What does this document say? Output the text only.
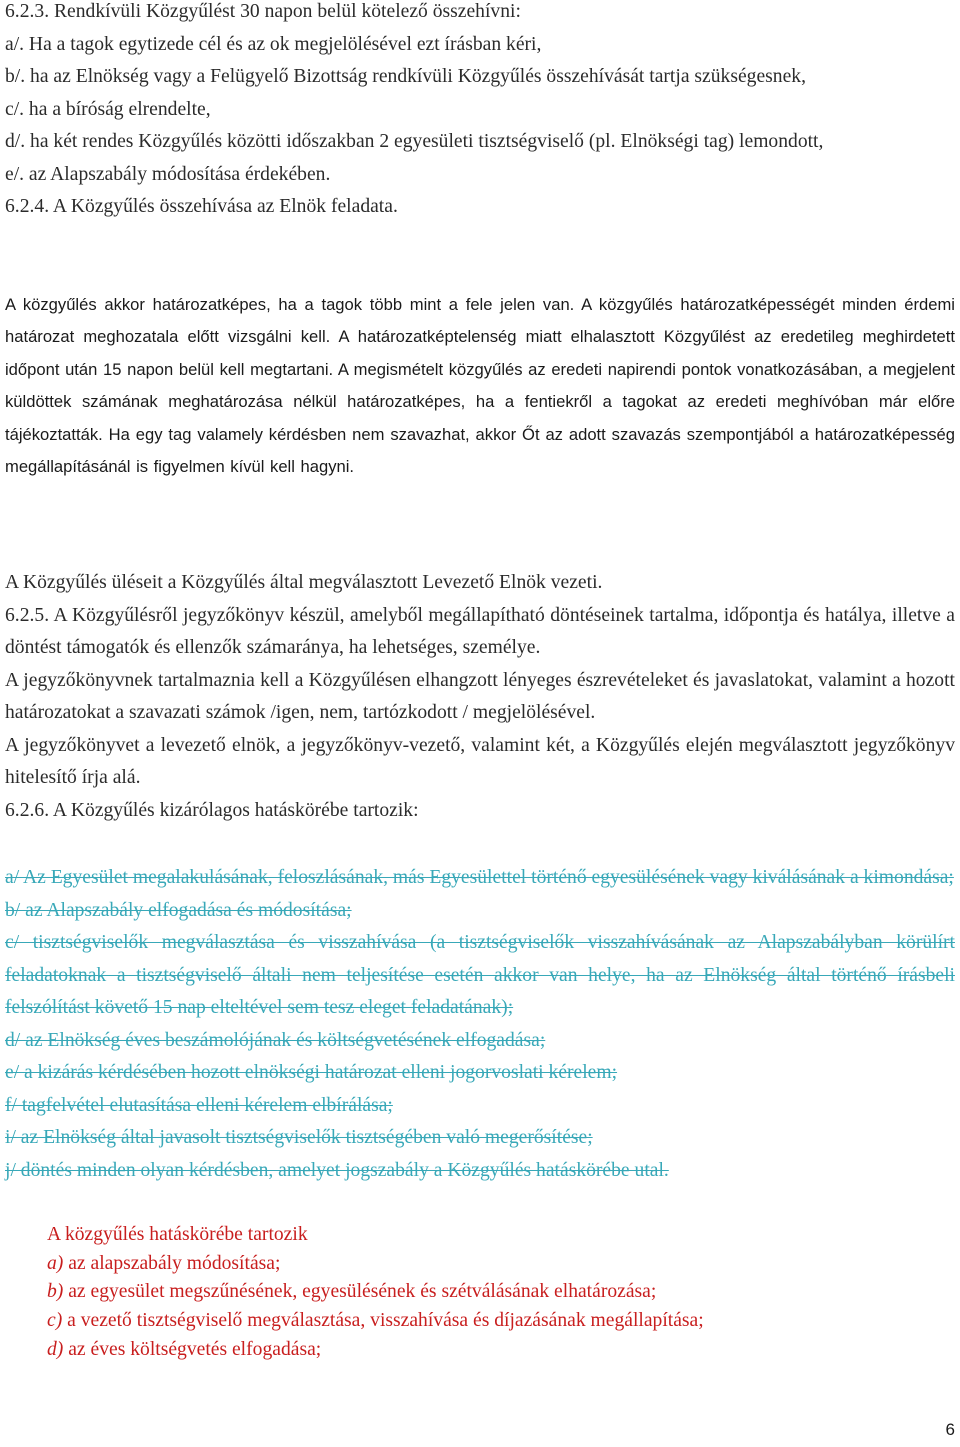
6.2.3. Rendkívüli Közgyűlést 30 napon belül kötelező összehívni:

a/. Ha a tagok egytizede cél és az ok megjelölésével ezt írásban kéri,

b/. ha az Elnökség vagy a Felügyelő Bizottság rendkívüli Közgyűlés összehívását tartja szükségesnek,

c/. ha a bíróság elrendelte,

d/. ha két rendes Közgyűlés közötti időszakban 2 egyesületi tisztségviselő (pl. Elnökségi tag) lemondott,

e/. az Alapszabály módosítása érdekében.

6.2.4. A Közgyűlés összehívása az Elnök feladata.

A közgyűlés akkor határozatképes, ha a tagok több mint a fele jelen van. A közgyűlés határozatképességét minden érdemi határozat meghozatala előtt vizsgálni kell. A határozatképtelenség miatt elhalasztott Közgyűlést az eredetileg meghirdetett időpont után 15 napon belül kell megtartani. A megismételt közgyűlés az eredeti napirendi pontok vonatkozásában, a megjelent küldöttek számának meghatározása nélkül határozatképes, ha a fentiekről a tagokat az eredeti meghívóban már előre tájékoztatták. Ha egy tag valamely kérdésben nem szavazhat, akkor Őt az adott szavazás szempontjából a határozatképesség megállapításánál is figyelmen kívül kell hagyni.

A Közgyűlés üléseit a Közgyűlés által megválasztott Levezető Elnök vezeti.

6.2.5. A Közgyűlésről jegyzőkönyv készül, amelyből megállapítható döntéseinek tartalma, időpontja és hatálya, illetve a döntést támogatók és ellenzők számaránya, ha lehetséges, személye.

A jegyzőkönyvnek tartalmaznia kell a Közgyűlésen elhangzott lényeges észrevételeket és javaslatokat, valamint a hozott határozatokat a szavazati számok /igen, nem, tartózkodott / megjelölésével.

A jegyzőkönyvet a levezető elnök, a jegyzőkönyv-vezető, valamint két, a Közgyűlés elején megválasztott jegyzőkönyv hitelesítő írja alá.

6.2.6. A Közgyűlés kizárólagos hatáskörébe tartozik:

a/ Az Egyesület megalakulásának, feloszlásának, más Egyesülettel történő egyesülésének vagy kiválásának a kimondása;

b/ az Alapszabály elfogadása és módosítása;

c/ tisztségviselők megválasztása és visszahívása (a tisztségviselők visszahívásának az Alapszabályban körülírt feladatoknak a tisztségviselő általi nem teljesítése esetén akkor van helye, ha az Elnökség által történő írásbeli felszólítást követő 15 nap elteltével sem tesz eleget feladatának);

d/ az Elnökség éves beszámolójának és költségvetésének elfogadása;

e/ a kizárás kérdésében hozott elnökségi határozat elleni jogorvoslati kérelem;

f/ tagfelvétel elutasítása elleni kérelem elbírálása;

i/ az Elnökség által javasolt tisztségviselők tisztségében való megerősítése;

j/ döntés minden olyan kérdésben, amelyet jogszabály a Közgyűlés hatáskörébe utal.

A közgyűlés hatáskörébe tartozik

a) az alapszabály módosítása;

b) az egyesület megszűnésének, egyesülésének és szétválásának elhatározása;

c) a vezető tisztségviselő megválasztása, visszahívása és díjazásának megállapítása;

d) az éves költségvetés elfogadása;

6
